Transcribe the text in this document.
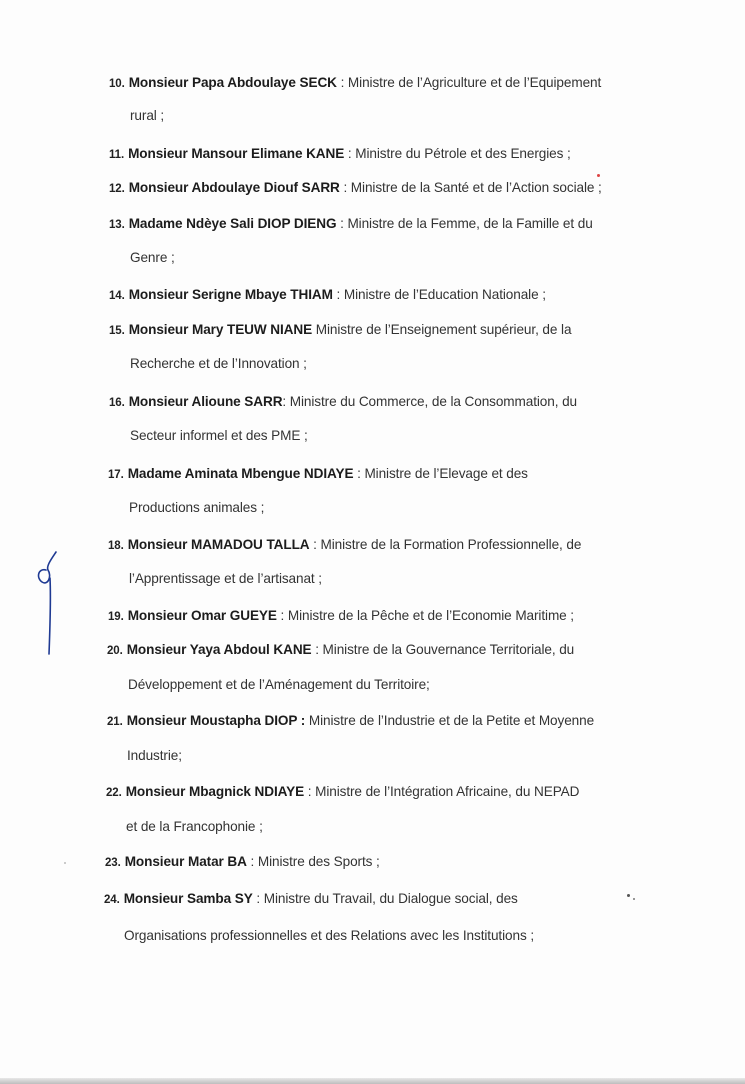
10. Monsieur Papa Abdoulaye SECK : Ministre de l’Agriculture et de l’Equipement
rural ;
11. Monsieur Mansour Elimane KANE : Ministre du Pétrole et des Energies ;
12. Monsieur Abdoulaye Diouf SARR : Ministre de la Santé et de l’Action sociale ;
13. Madame Ndèye Sali DIOP DIENG : Ministre de la Femme, de la Famille et du
Genre ;
14. Monsieur Serigne Mbaye THIAM : Ministre de l’Education Nationale ;
15. Monsieur Mary TEUW NIANE Ministre de l’Enseignement supérieur, de la
Recherche et de l’Innovation ;
16. Monsieur Alioune SARR: Ministre du Commerce, de la Consommation, du
Secteur informel et des PME ;
17. Madame Aminata Mbengue NDIAYE : Ministre de l’Elevage et des
Productions animales ;
18. Monsieur MAMADOU TALLA : Ministre de la Formation Professionnelle, de
l’Apprentissage et de l’artisanat ;
19. Monsieur Omar GUEYE : Ministre de la Pêche et de l’Economie Maritime ;
20. Monsieur Yaya Abdoul KANE : Ministre de la Gouvernance Territoriale, du
Développement et de l’Aménagement du Territoire;
21. Monsieur Moustapha DIOP : Ministre de l’Industrie et de la Petite et Moyenne
Industrie;
22. Monsieur Mbagnick NDIAYE : Ministre de l’Intégration Africaine, du NEPAD
et de la Francophonie ;
23. Monsieur Matar BA : Ministre des Sports ;
24. Monsieur Samba SY : Ministre du Travail, du Dialogue social, des
Organisations professionnelles et des Relations avec les Institutions ;
